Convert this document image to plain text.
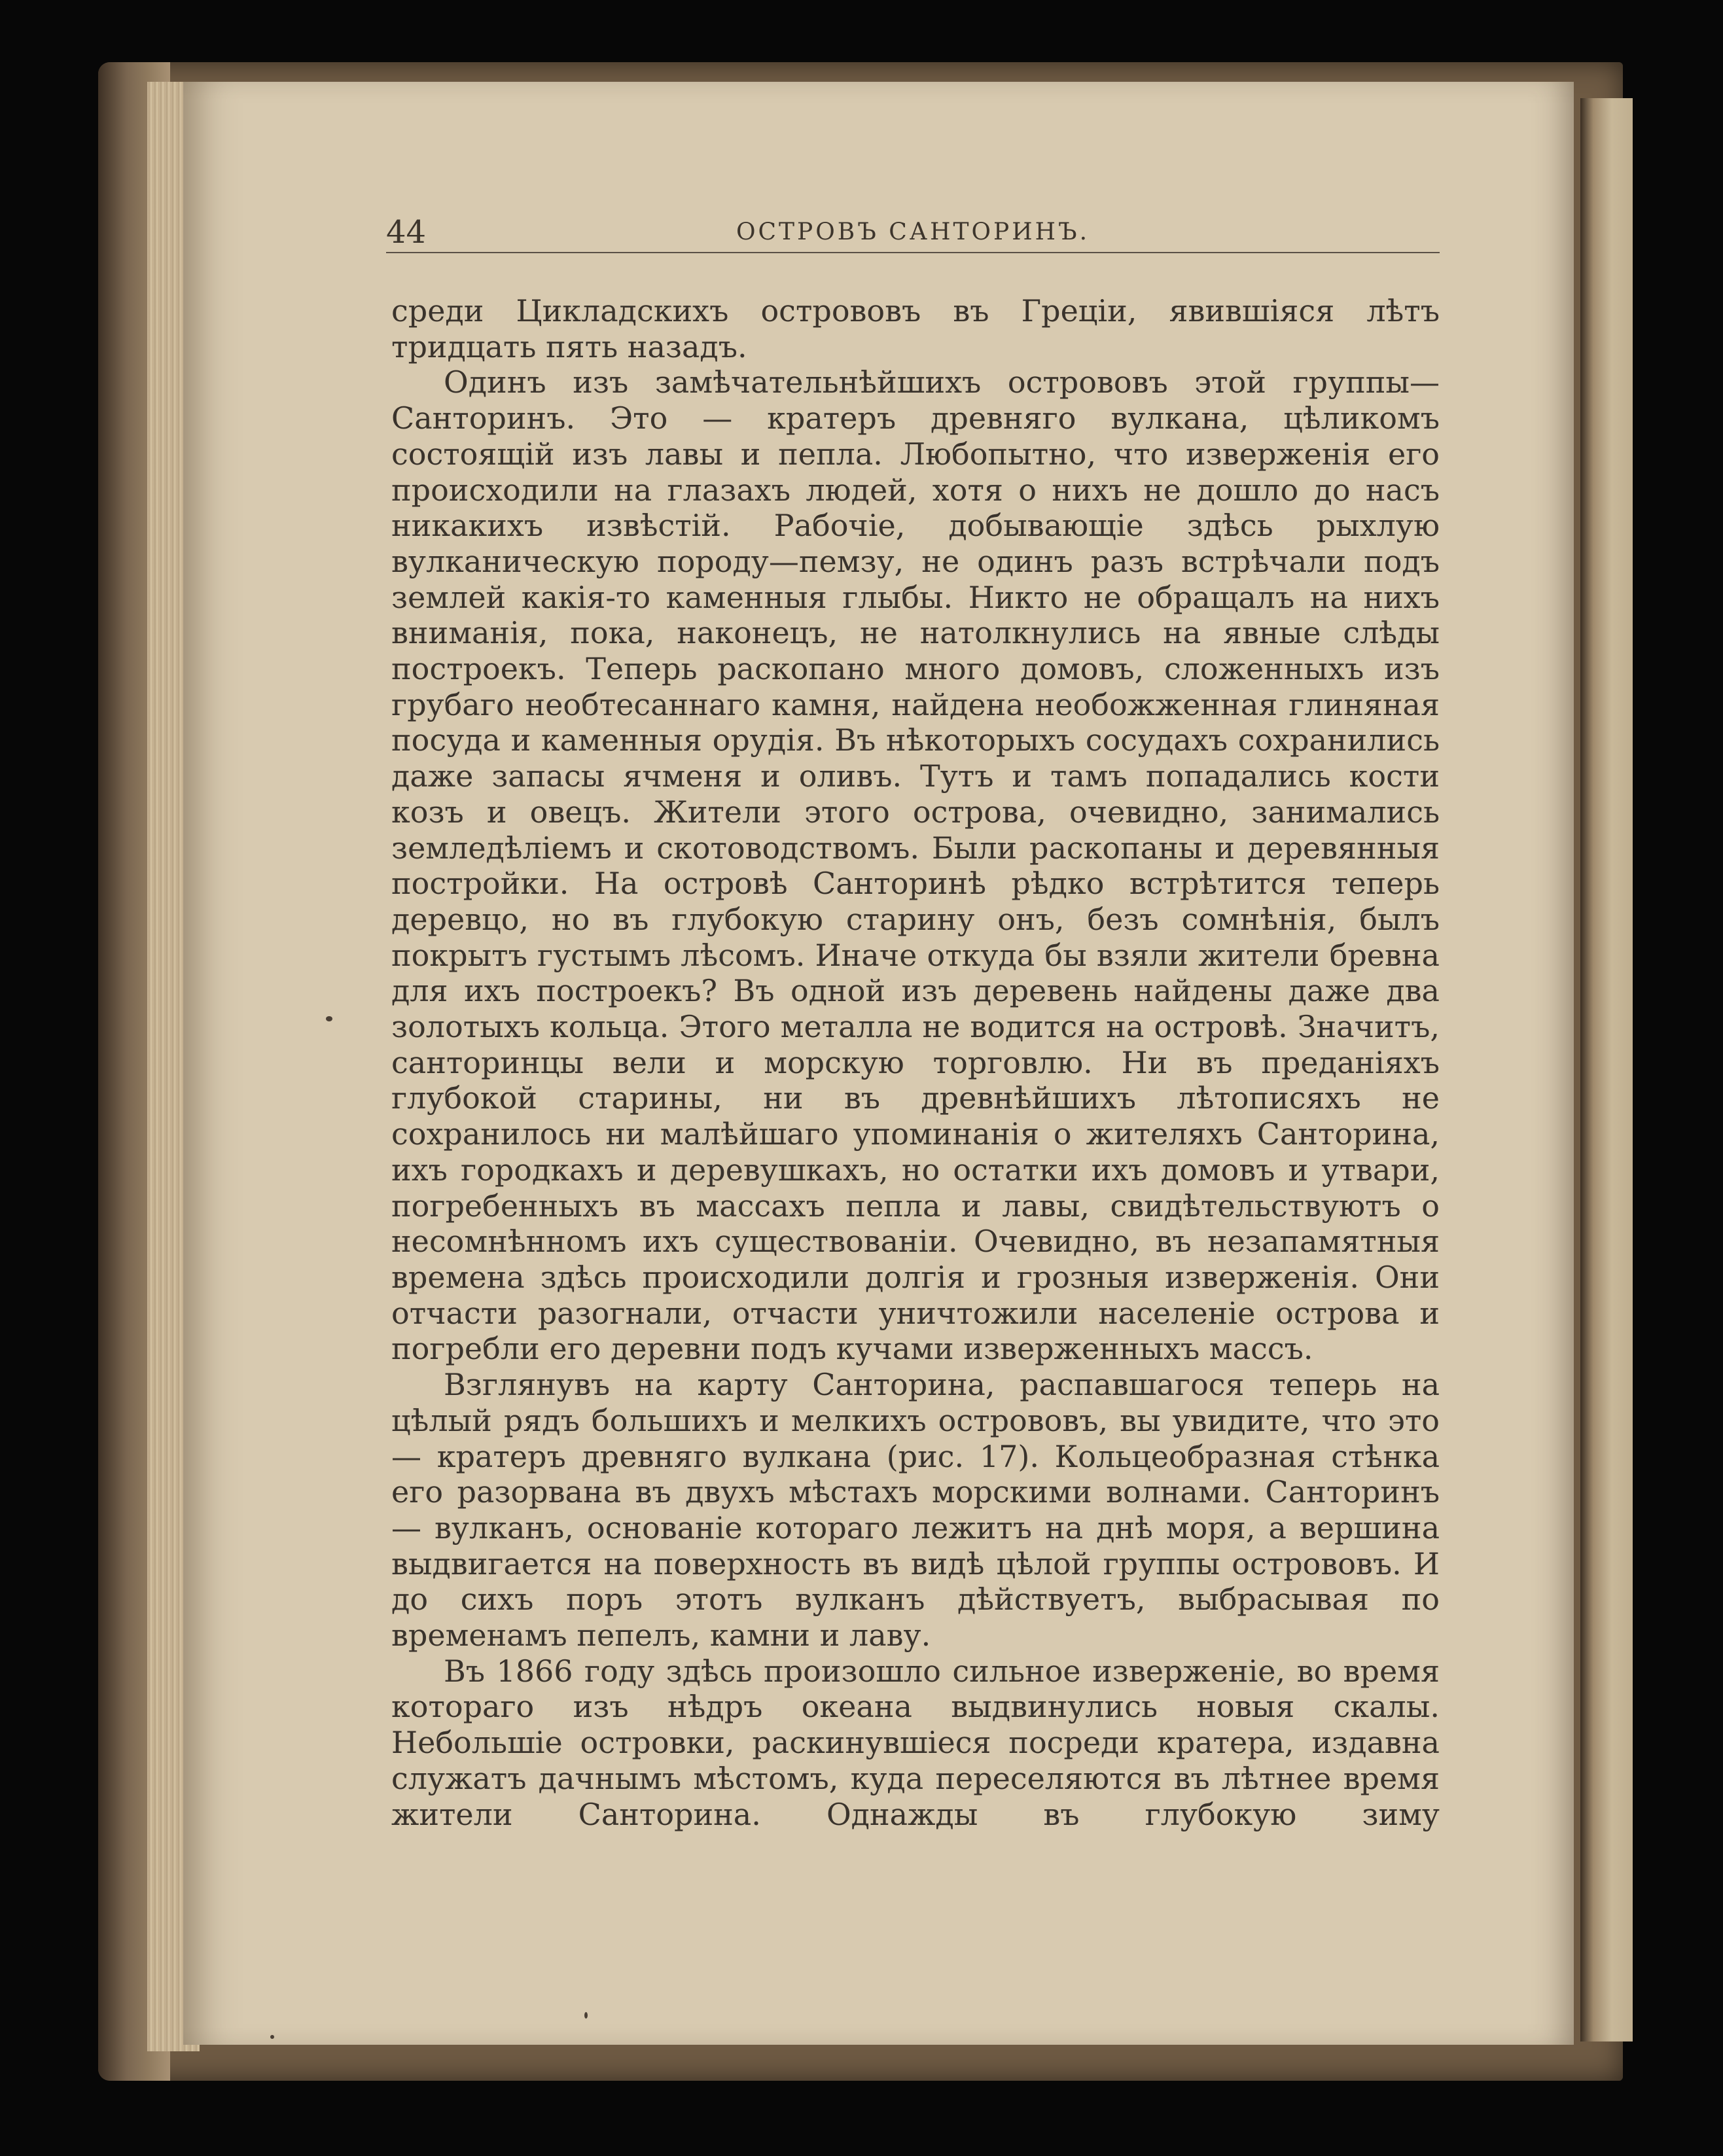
44	ОСТРОВЪ САНТОРИНЪ.

среди Цикладскихъ острововъ въ Греціи, явившіяся лѣтъ тридцать пять назадъ.

Одинъ изъ замѣчательнѣйшихъ острововъ этой группы— Санторинъ. Это — кратеръ древняго вулкана, цѣликомъ состоящій изъ лавы и пепла. Любопытно, что изверженія его происходили на глазахъ людей, хотя о нихъ не дошло до насъ никакихъ извѣстій. Рабочіе, добывающіе здѣсь рыхлую вулканическую породу—пемзу, не одинъ разъ встрѣчали подъ землей какія-то каменныя глыбы. Никто не обращалъ на нихъ вниманія, пока, наконецъ, не натолкнулись на явные слѣды построекъ. Теперь раскопано много домовъ, сложенныхъ изъ грубаго необтесаннаго камня, найдена необожженная глиняная посуда и каменныя орудія. Въ нѣкоторыхъ сосудахъ сохранились даже запасы ячменя и оливъ. Тутъ и тамъ попадались кости козъ и овецъ. Жители этого острова, очевидно, занимались земледѣліемъ и скотоводствомъ. Были раскопаны и деревянныя постройки. На островѣ Санторинѣ рѣдко встрѣтится теперь деревцо, но въ глубокую старину онъ, безъ сомнѣнія, былъ покрытъ густымъ лѣсомъ. Иначе откуда бы взяли жители бревна для ихъ построекъ? Въ одной изъ деревень найдены даже два золотыхъ кольца. Этого металла не водится на островѣ. Значитъ, санторинцы вели и морскую торговлю. Ни въ преданіяхъ глубокой старины, ни въ древнѣйшихъ лѣтописяхъ не сохранилось ни малѣйшаго упоминанія о жителяхъ Санторина, ихъ городкахъ и деревушкахъ, но остатки ихъ домовъ и утвари, погребенныхъ въ массахъ пепла и лавы, свидѣтельствуютъ о несомнѣнномъ ихъ существованіи. Очевидно, въ незапамятныя времена здѣсь происходили долгія и грозныя изверженія. Они отчасти разогнали, отчасти уничтожили населеніе острова и погребли его деревни подъ кучами изверженныхъ массъ.

Взглянувъ на карту Санторина, распавшагося теперь на цѣлый рядъ большихъ и мелкихъ острововъ, вы увидите, что это — кратеръ древняго вулкана (рис. 17). Кольцеобразная стѣнка его разорвана въ двухъ мѣстахъ морскими волнами. Санторинъ — вулканъ, основаніе котораго лежитъ на днѣ моря, а вершина выдвигается на поверхность въ видѣ цѣлой группы острововъ. И до сихъ поръ этотъ вулканъ дѣйствуетъ, выбрасывая по временамъ пепелъ, камни и лаву.

Въ 1866 году здѣсь произошло сильное изверженіе, во время котораго изъ нѣдръ океана выдвинулись новыя скалы. Небольшіе островки, раскинувшіеся посреди кратера, издавна служатъ дачнымъ мѣстомъ, куда переселяются въ лѣтнее время жители Санторина. Однажды въ глубокую зиму
